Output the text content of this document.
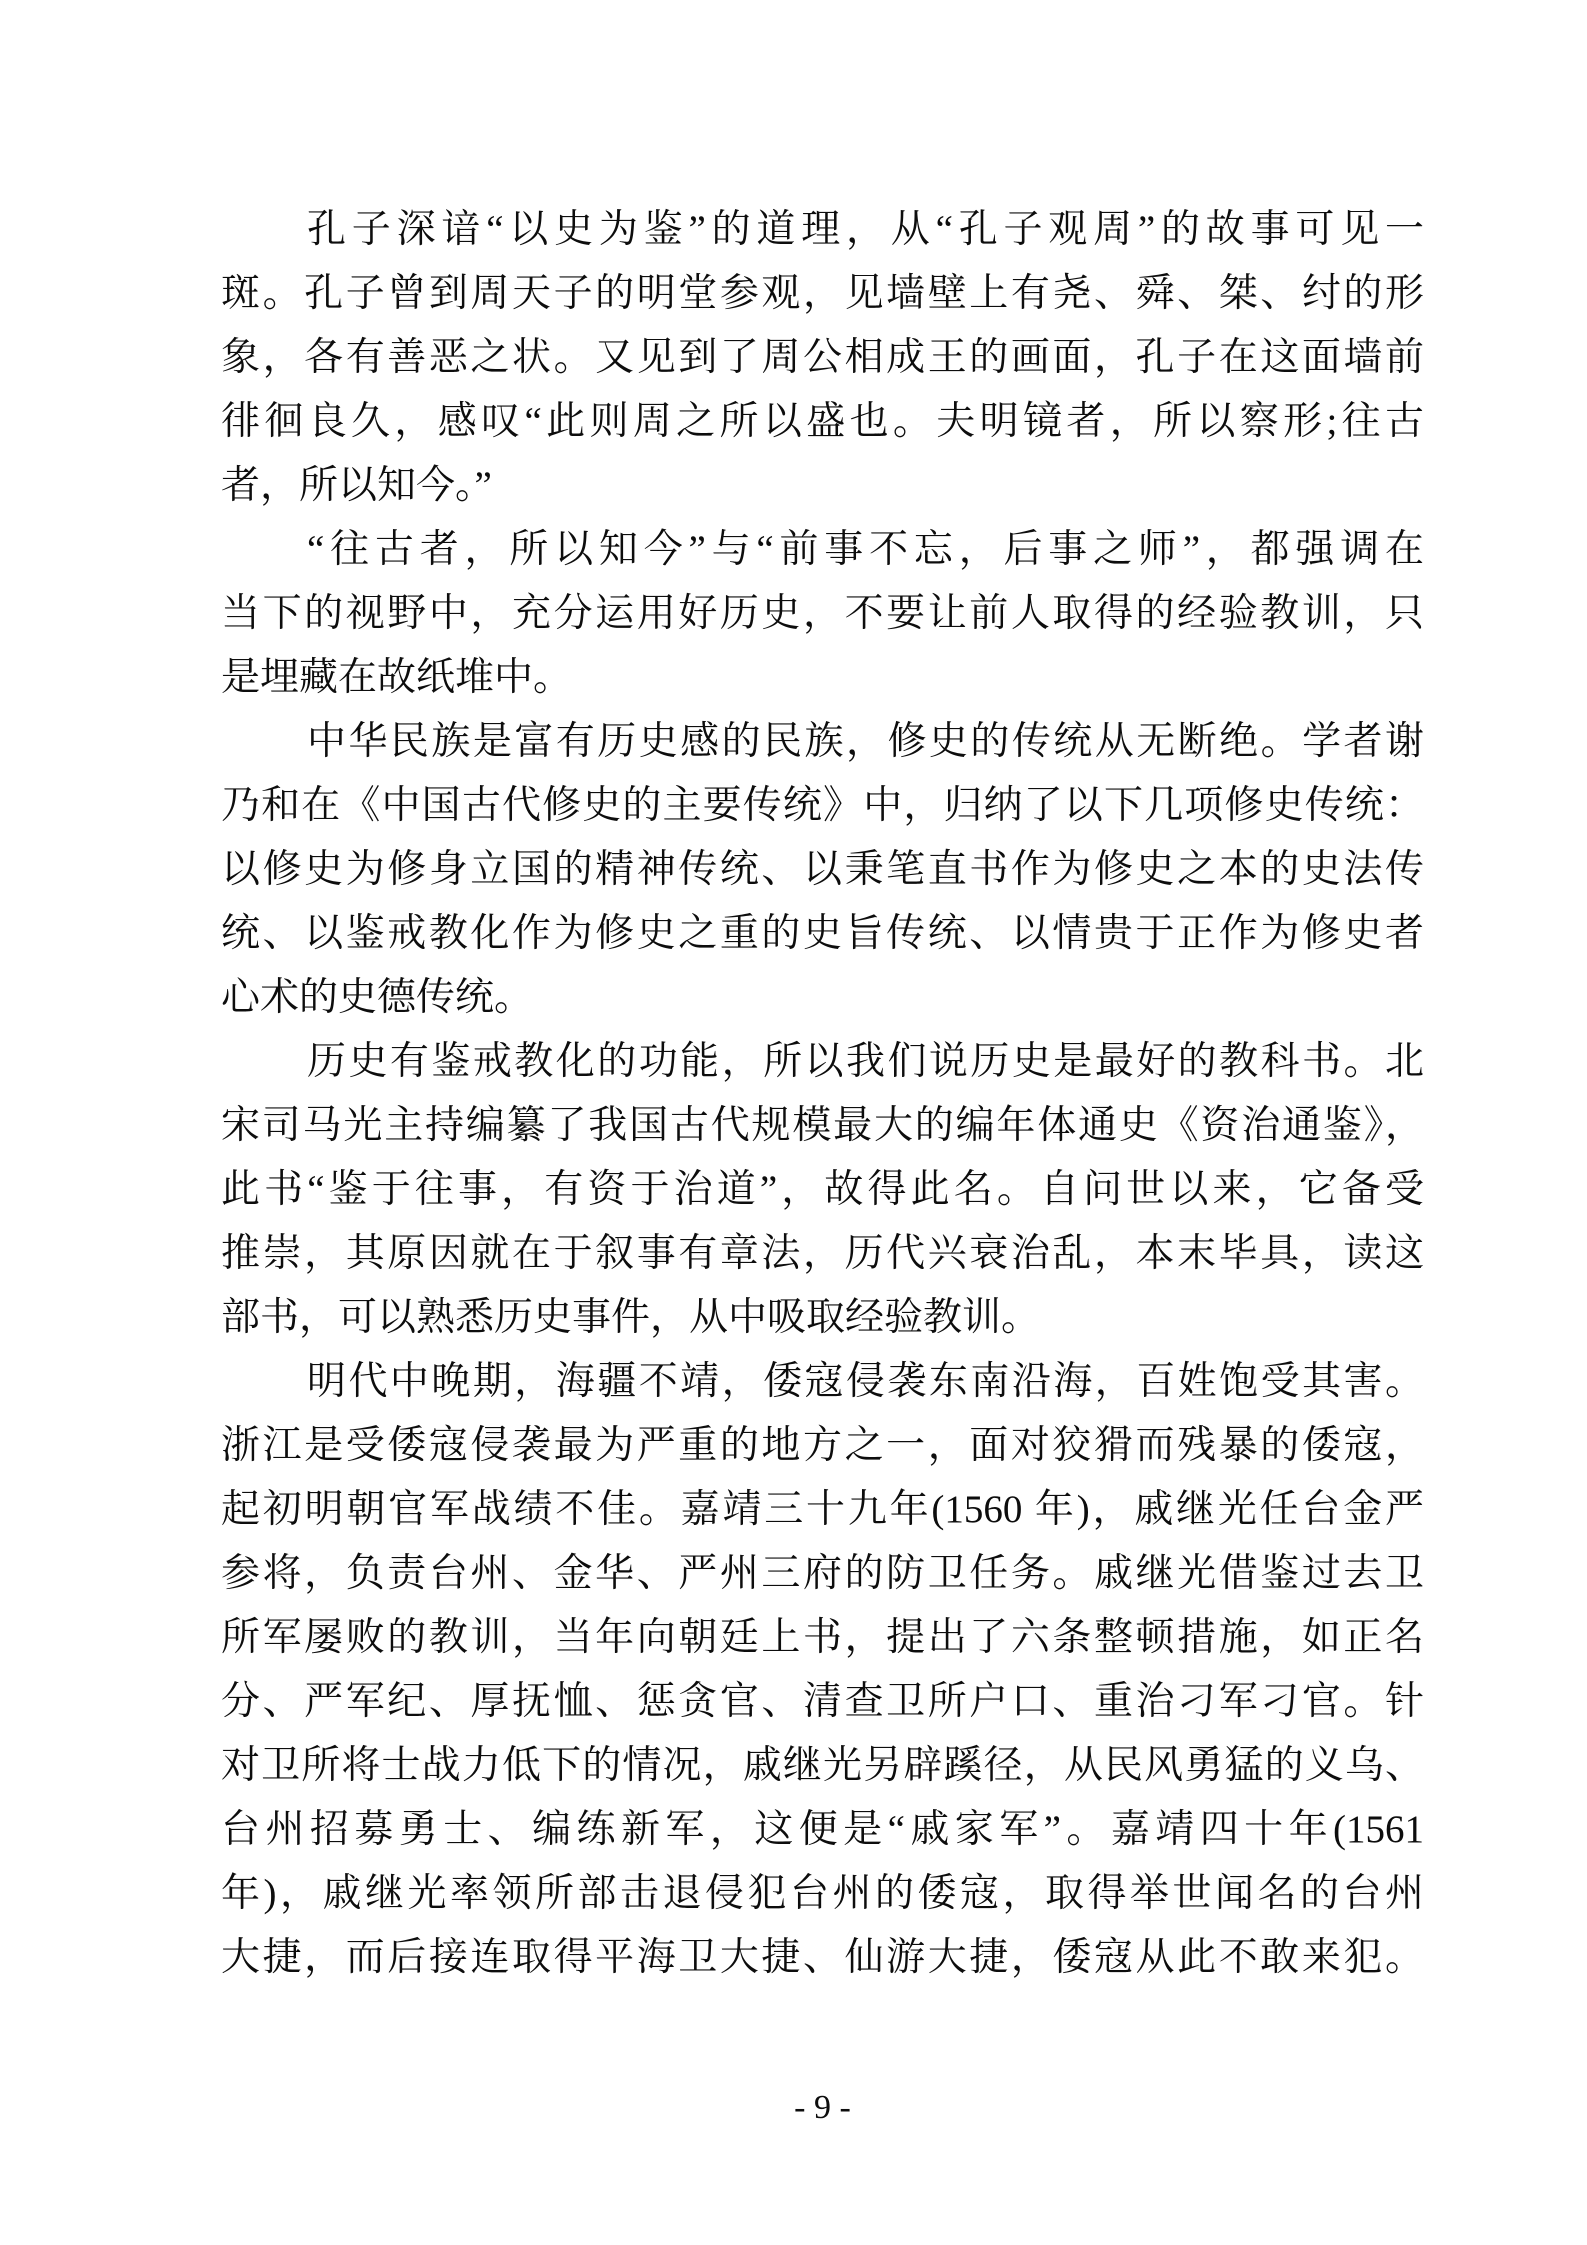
孔子深谙“以史为鉴”的道理，从“孔子观周”的故事可见一
斑。孔子曾到周天子的明堂参观，见墙壁上有尧、舜、桀、纣的形
象，各有善恶之状。又见到了周公相成王的画面，孔子在这面墙前
徘徊良久，感叹“此则周之所以盛也。夫明镜者，所以察形;往古
者，所以知今。”
“往古者，所以知今”与“前事不忘，后事之师”，都强调在
当下的视野中，充分运用好历史，不要让前人取得的经验教训，只
是埋藏在故纸堆中。
中华民族是富有历史感的民族，修史的传统从无断绝。学者谢
乃和在《中国古代修史的主要传统》中，归纳了以下几项修史传统：
以修史为修身立国的精神传统、以秉笔直书作为修史之本的史法传
统、以鉴戒教化作为修史之重的史旨传统、以情贵于正作为修史者
心术的史德传统。
历史有鉴戒教化的功能，所以我们说历史是最好的教科书。北
宋司马光主持编纂了我国古代规模最大的编年体通史《资治通鉴》，
此书“鉴于往事，有资于治道”，故得此名。自问世以来，它备受
推崇，其原因就在于叙事有章法，历代兴衰治乱，本末毕具，读这
部书，可以熟悉历史事件，从中吸取经验教训。
明代中晚期，海疆不靖，倭寇侵袭东南沿海，百姓饱受其害。
浙江是受倭寇侵袭最为严重的地方之一，面对狡猾而残暴的倭寇，
起初明朝官军战绩不佳。嘉靖三十九年(1560 年)，戚继光任台金严
参将，负责台州、金华、严州三府的防卫任务。戚继光借鉴过去卫
所军屡败的教训，当年向朝廷上书，提出了六条整顿措施，如正名
分、严军纪、厚抚恤、惩贪官、清查卫所户口、重治刁军刁官。针
对卫所将士战力低下的情况，戚继光另辟蹊径，从民风勇猛的义乌、
台州招募勇士、编练新军，这便是“戚家军”。嘉靖四十年(1561
年)，戚继光率领所部击退侵犯台州的倭寇，取得举世闻名的台州
大捷，而后接连取得平海卫大捷、仙游大捷，倭寇从此不敢来犯。
- 9 -
